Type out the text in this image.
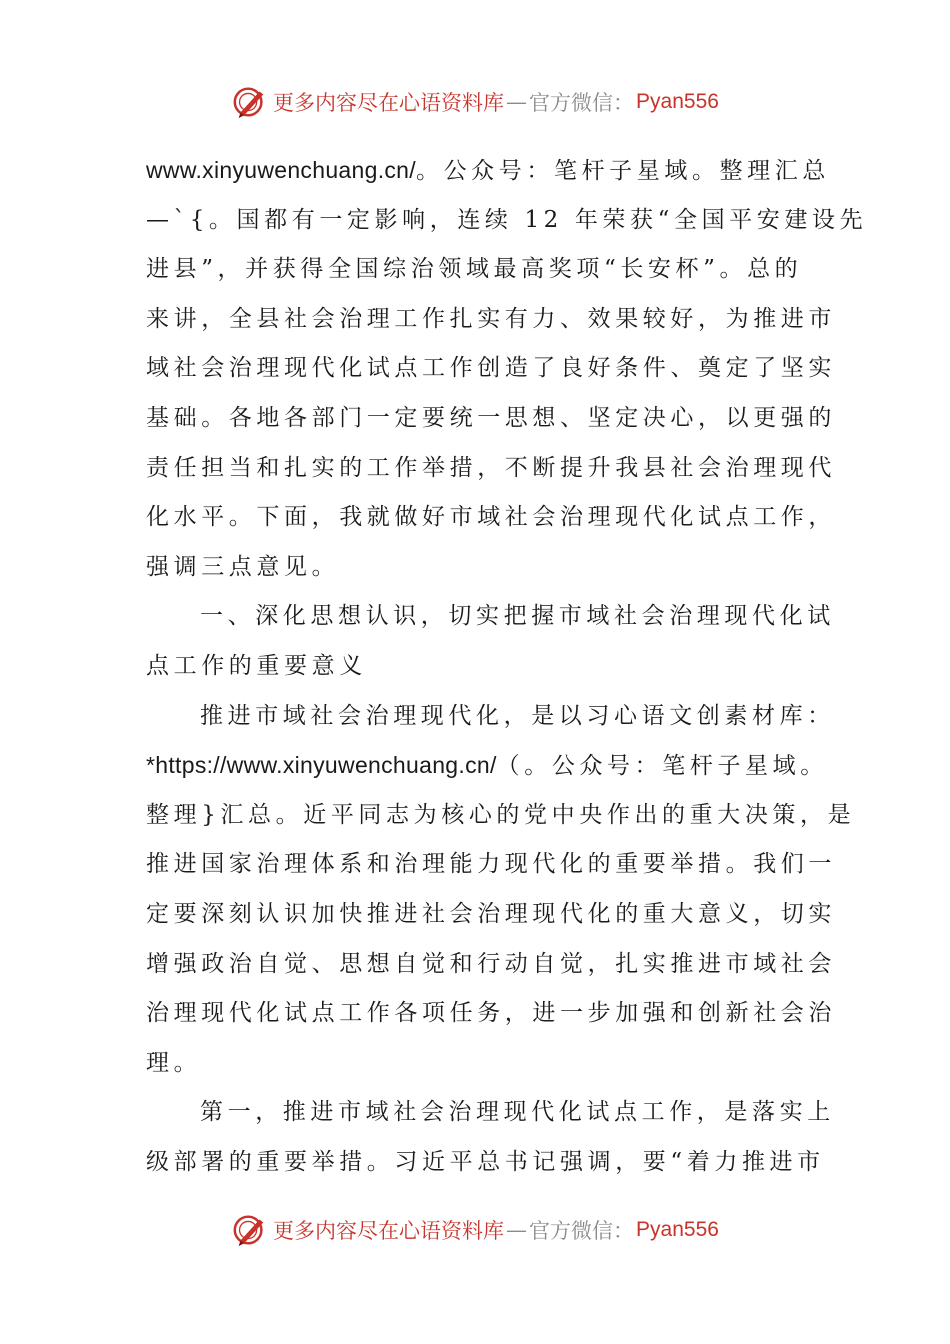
更多内容尽在心语资料库 — 官方微信： Pyan556
www.xinyuwenchuang.cn/。公众号：笔杆子星域。整理汇总
—`{。国都有一定影响，连续 12 年荣获“全国平安建设先
进县”，并获得全国综治领域最高奖项“长安杯”。总的
来讲，全县社会治理工作扎实有力、效果较好，为推进市
域社会治理现代化试点工作创造了良好条件、奠定了坚实
基础。各地各部门一定要统一思想、坚定决心，以更强的
责任担当和扎实的工作举措，不断提升我县社会治理现代
化水平。下面，我就做好市域社会治理现代化试点工作，
强调三点意见。
一、深化思想认识，切实把握市域社会治理现代化试
点工作的重要意义
推进市域社会治理现代化，是以习心语文创素材库：
*https://www.xinyuwenchuang.cn/（。公众号：笔杆子星域。
整理}汇总。近平同志为核心的党中央作出的重大决策，是
推进国家治理体系和治理能力现代化的重要举措。我们一
定要深刻认识加快推进社会治理现代化的重大意义，切实
增强政治自觉、思想自觉和行动自觉，扎实推进市域社会
治理现代化试点工作各项任务，进一步加强和创新社会治
理。
第一，推进市域社会治理现代化试点工作，是落实上
级部署的重要举措。习近平总书记强调，要“着力推进市
更多内容尽在心语资料库 — 官方微信： Pyan556
